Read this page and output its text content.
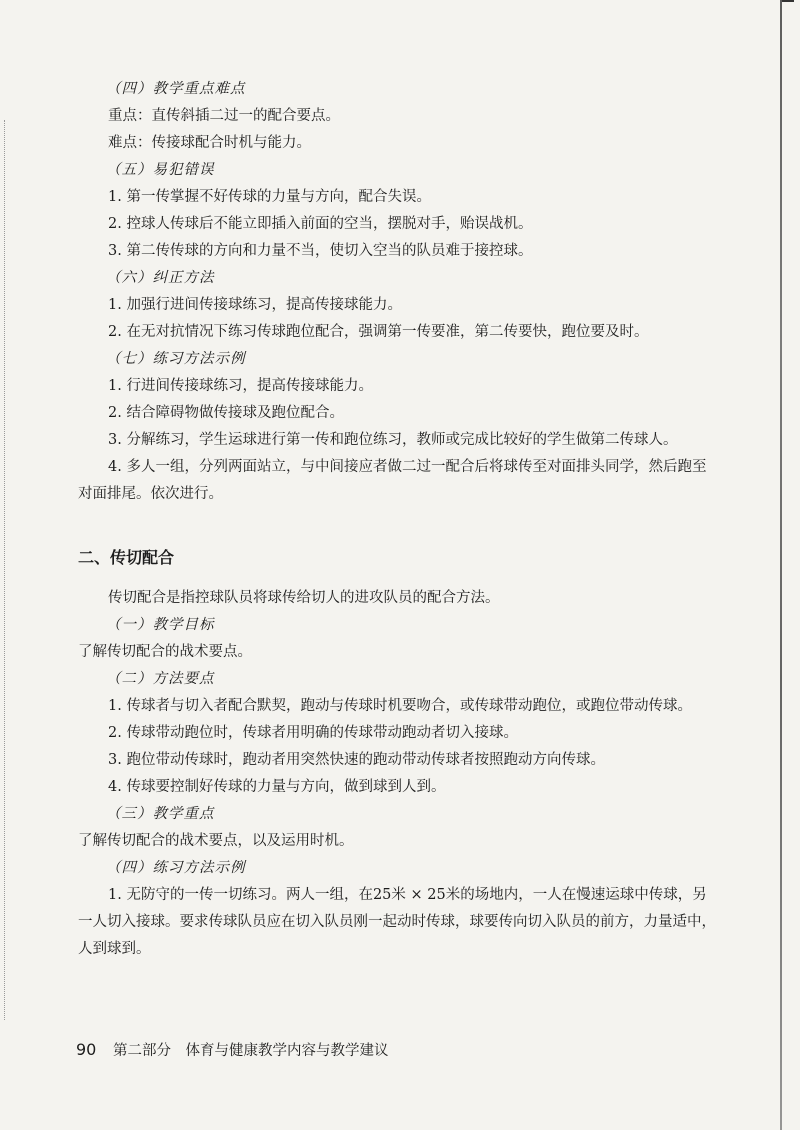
（四）教学重点难点

重点：直传斜插二过一的配合要点。

难点：传接球配合时机与能力。

（五）易犯错误

1. 第一传掌握不好传球的力量与方向，配合失误。

2. 控球人传球后不能立即插入前面的空当，摆脱对手，贻误战机。

3. 第二传传球的方向和力量不当，使切入空当的队员难于接控球。

（六）纠正方法

1. 加强行进间传接球练习，提高传接球能力。

2. 在无对抗情况下练习传球跑位配合，强调第一传要准，第二传要快，跑位要及时。

（七）练习方法示例

1. 行进间传接球练习，提高传接球能力。

2. 结合障碍物做传接球及跑位配合。

3. 分解练习，学生运球进行第一传和跑位练习，教师或完成比较好的学生做第二传球人。

4. 多人一组，分列两面站立，与中间接应者做二过一配合后将球传至对面排头同学，然后跑至对面排尾。依次进行。

二、传切配合

传切配合是指控球队员将球传给切人的进攻队员的配合方法。

（一）教学目标

了解传切配合的战术要点。

（二）方法要点

1. 传球者与切入者配合默契，跑动与传球时机要吻合，或传球带动跑位，或跑位带动传球。

2. 传球带动跑位时，传球者用明确的传球带动跑动者切入接球。

3. 跑位带动传球时，跑动者用突然快速的跑动带动传球者按照跑动方向传球。

4. 传球要控制好传球的力量与方向，做到球到人到。

（三）教学重点

了解传切配合的战术要点，以及运用时机。

（四）练习方法示例

1. 无防守的一传一切练习。两人一组，在25米 × 25米的场地内，一人在慢速运球中传球，另一人切入接球。要求传球队员应在切入队员刚一起动时传球，球要传向切入队员的前方，力量适中，人到球到。

90 第二部分　体育与健康教学内容与教学建议
